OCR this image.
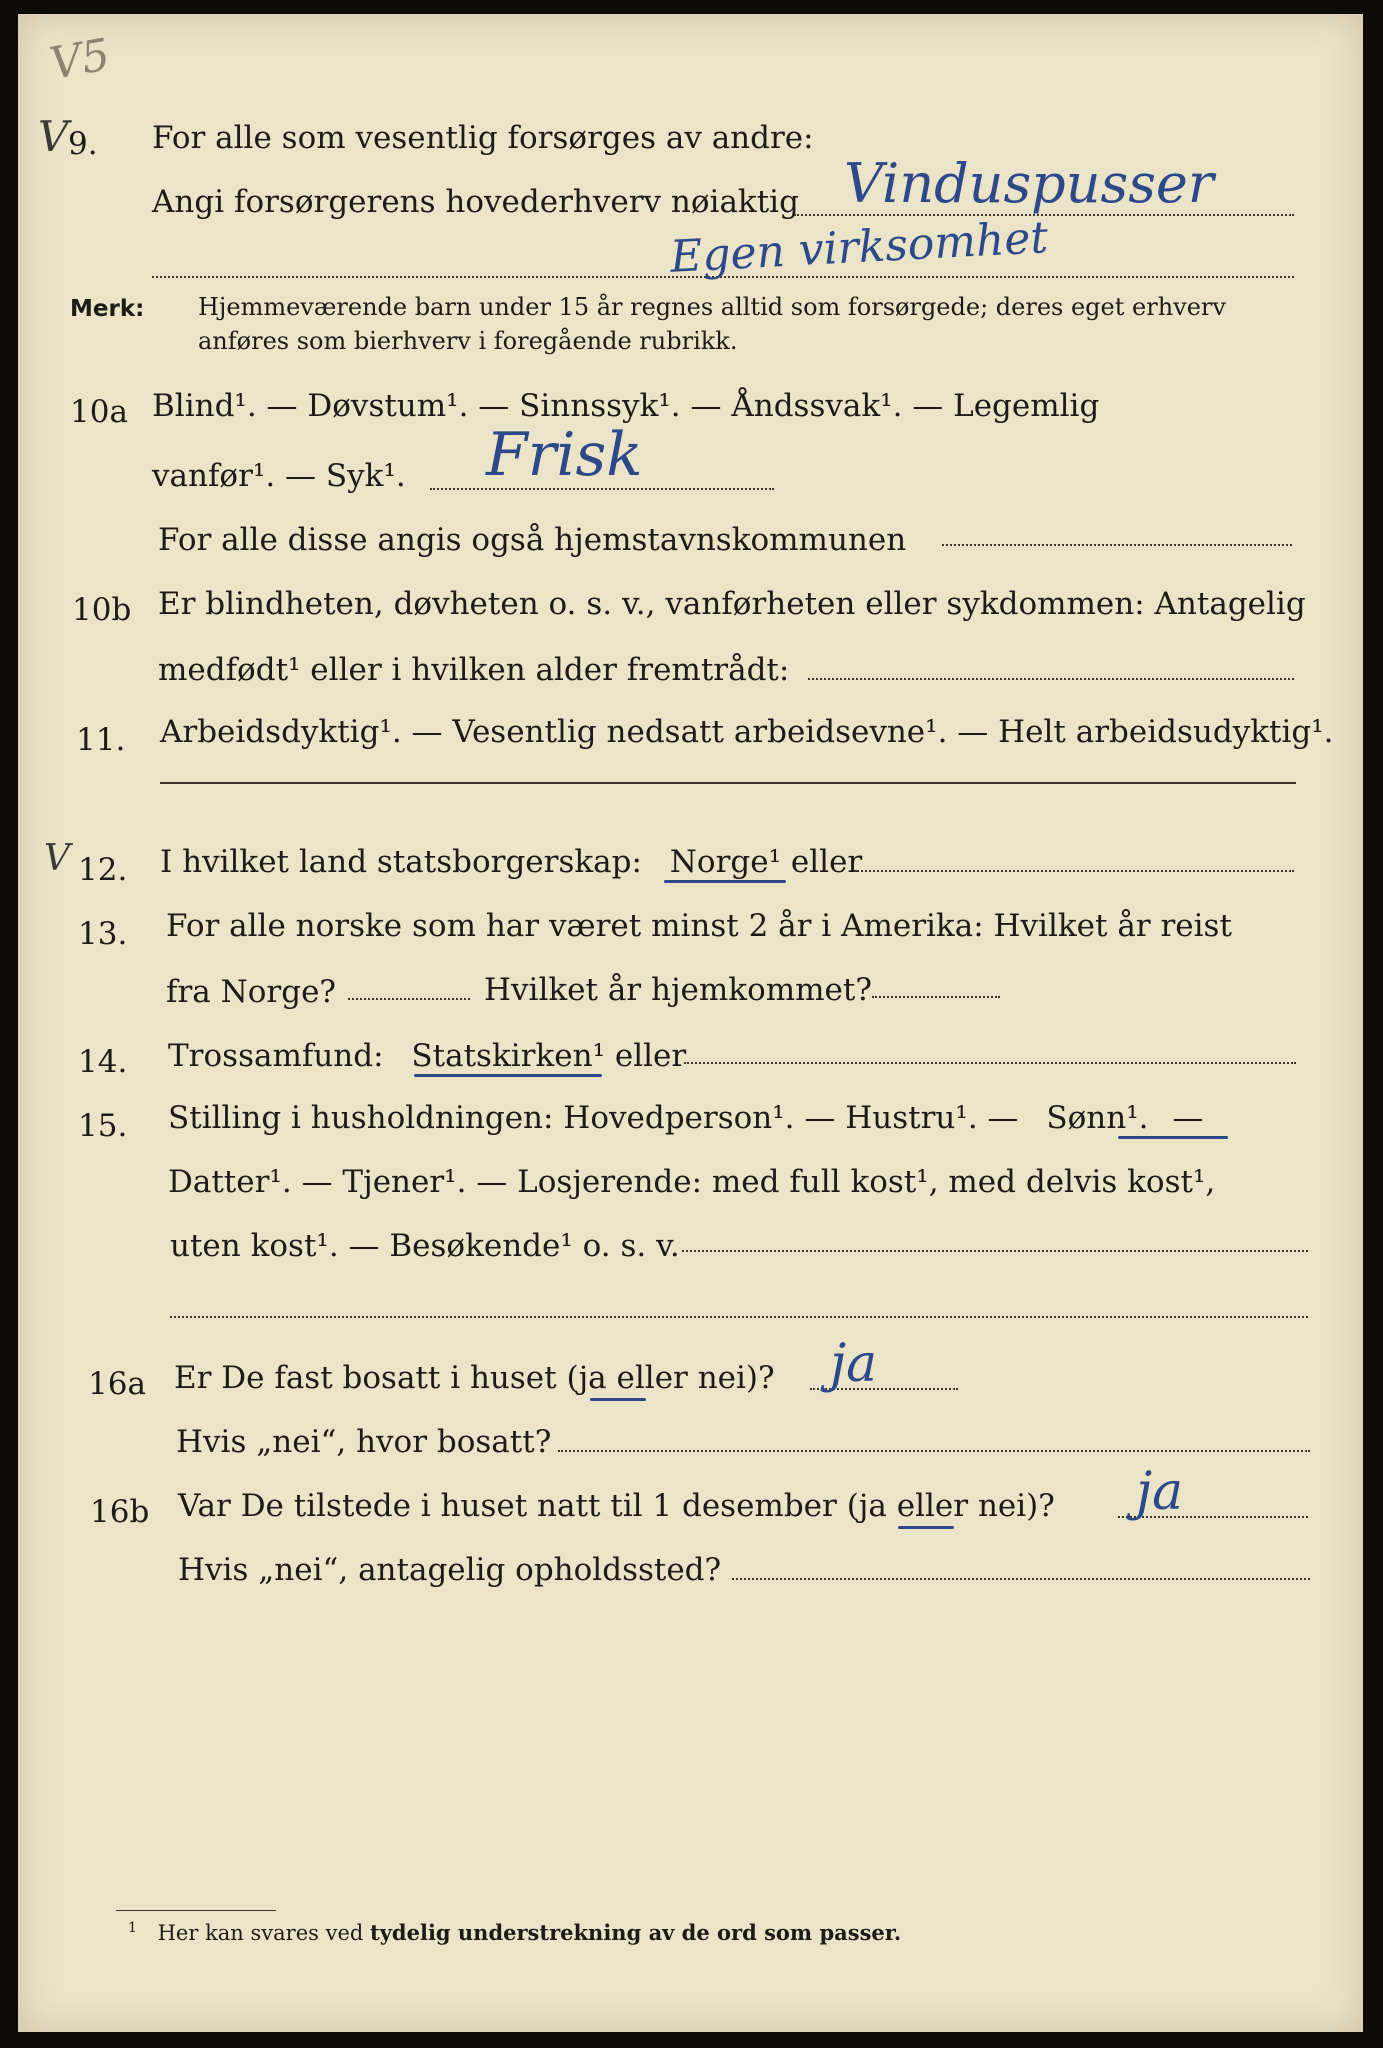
V5
V
V
9. For alle som vesentlig forsørges av andre:
Angi forsørgerens hovederhverv nøiaktig Vinduspusser
Egen virksomhet
Merk: Hjemmeværende barn under 15 år regnes alltid som forsørgede; deres eget erhverv
anføres som bierhverv i foregående rubrikk.
10a Blind¹. — Døvstum¹. — Sinnssyk¹. — Åndssvak¹. — Legemlig
vanfør¹. — Syk¹. Frisk
For alle disse angis også hjemstavnskommunen
10b Er blindheten, døvheten o. s. v., vanførheten eller sykdommen: Antagelig
medfødt¹ eller i hvilken alder fremtrådt:
11. Arbeidsdyktig¹. — Vesentlig nedsatt arbeidsevne¹. — Helt arbeidsudyktig¹.
12. I hvilket land statsborgerskap: Norge¹ eller
13. For alle norske som har været minst 2 år i Amerika: Hvilket år reist
fra Norge?	Hvilket år hjemkommet?
14. Trossamfund: Statskirken¹ eller
15. Stilling i husholdningen: Hovedperson¹. — Hustru¹. — Sønn¹. —
Datter¹. — Tjener¹. — Losjerende: med full kost¹, med delvis kost¹,
uten kost¹. — Besøkende¹ o. s. v.
16a Er De fast bosatt i huset (ja eller nei)? ja
Hvis „nei“, hvor bosatt?
16b Var De tilstede i huset natt til 1 desember (ja eller nei)? ja
Hvis „nei“, antagelig opholdssted?
$^1$ Her kan svares ved tydelig understrekning av de ord som passer.
